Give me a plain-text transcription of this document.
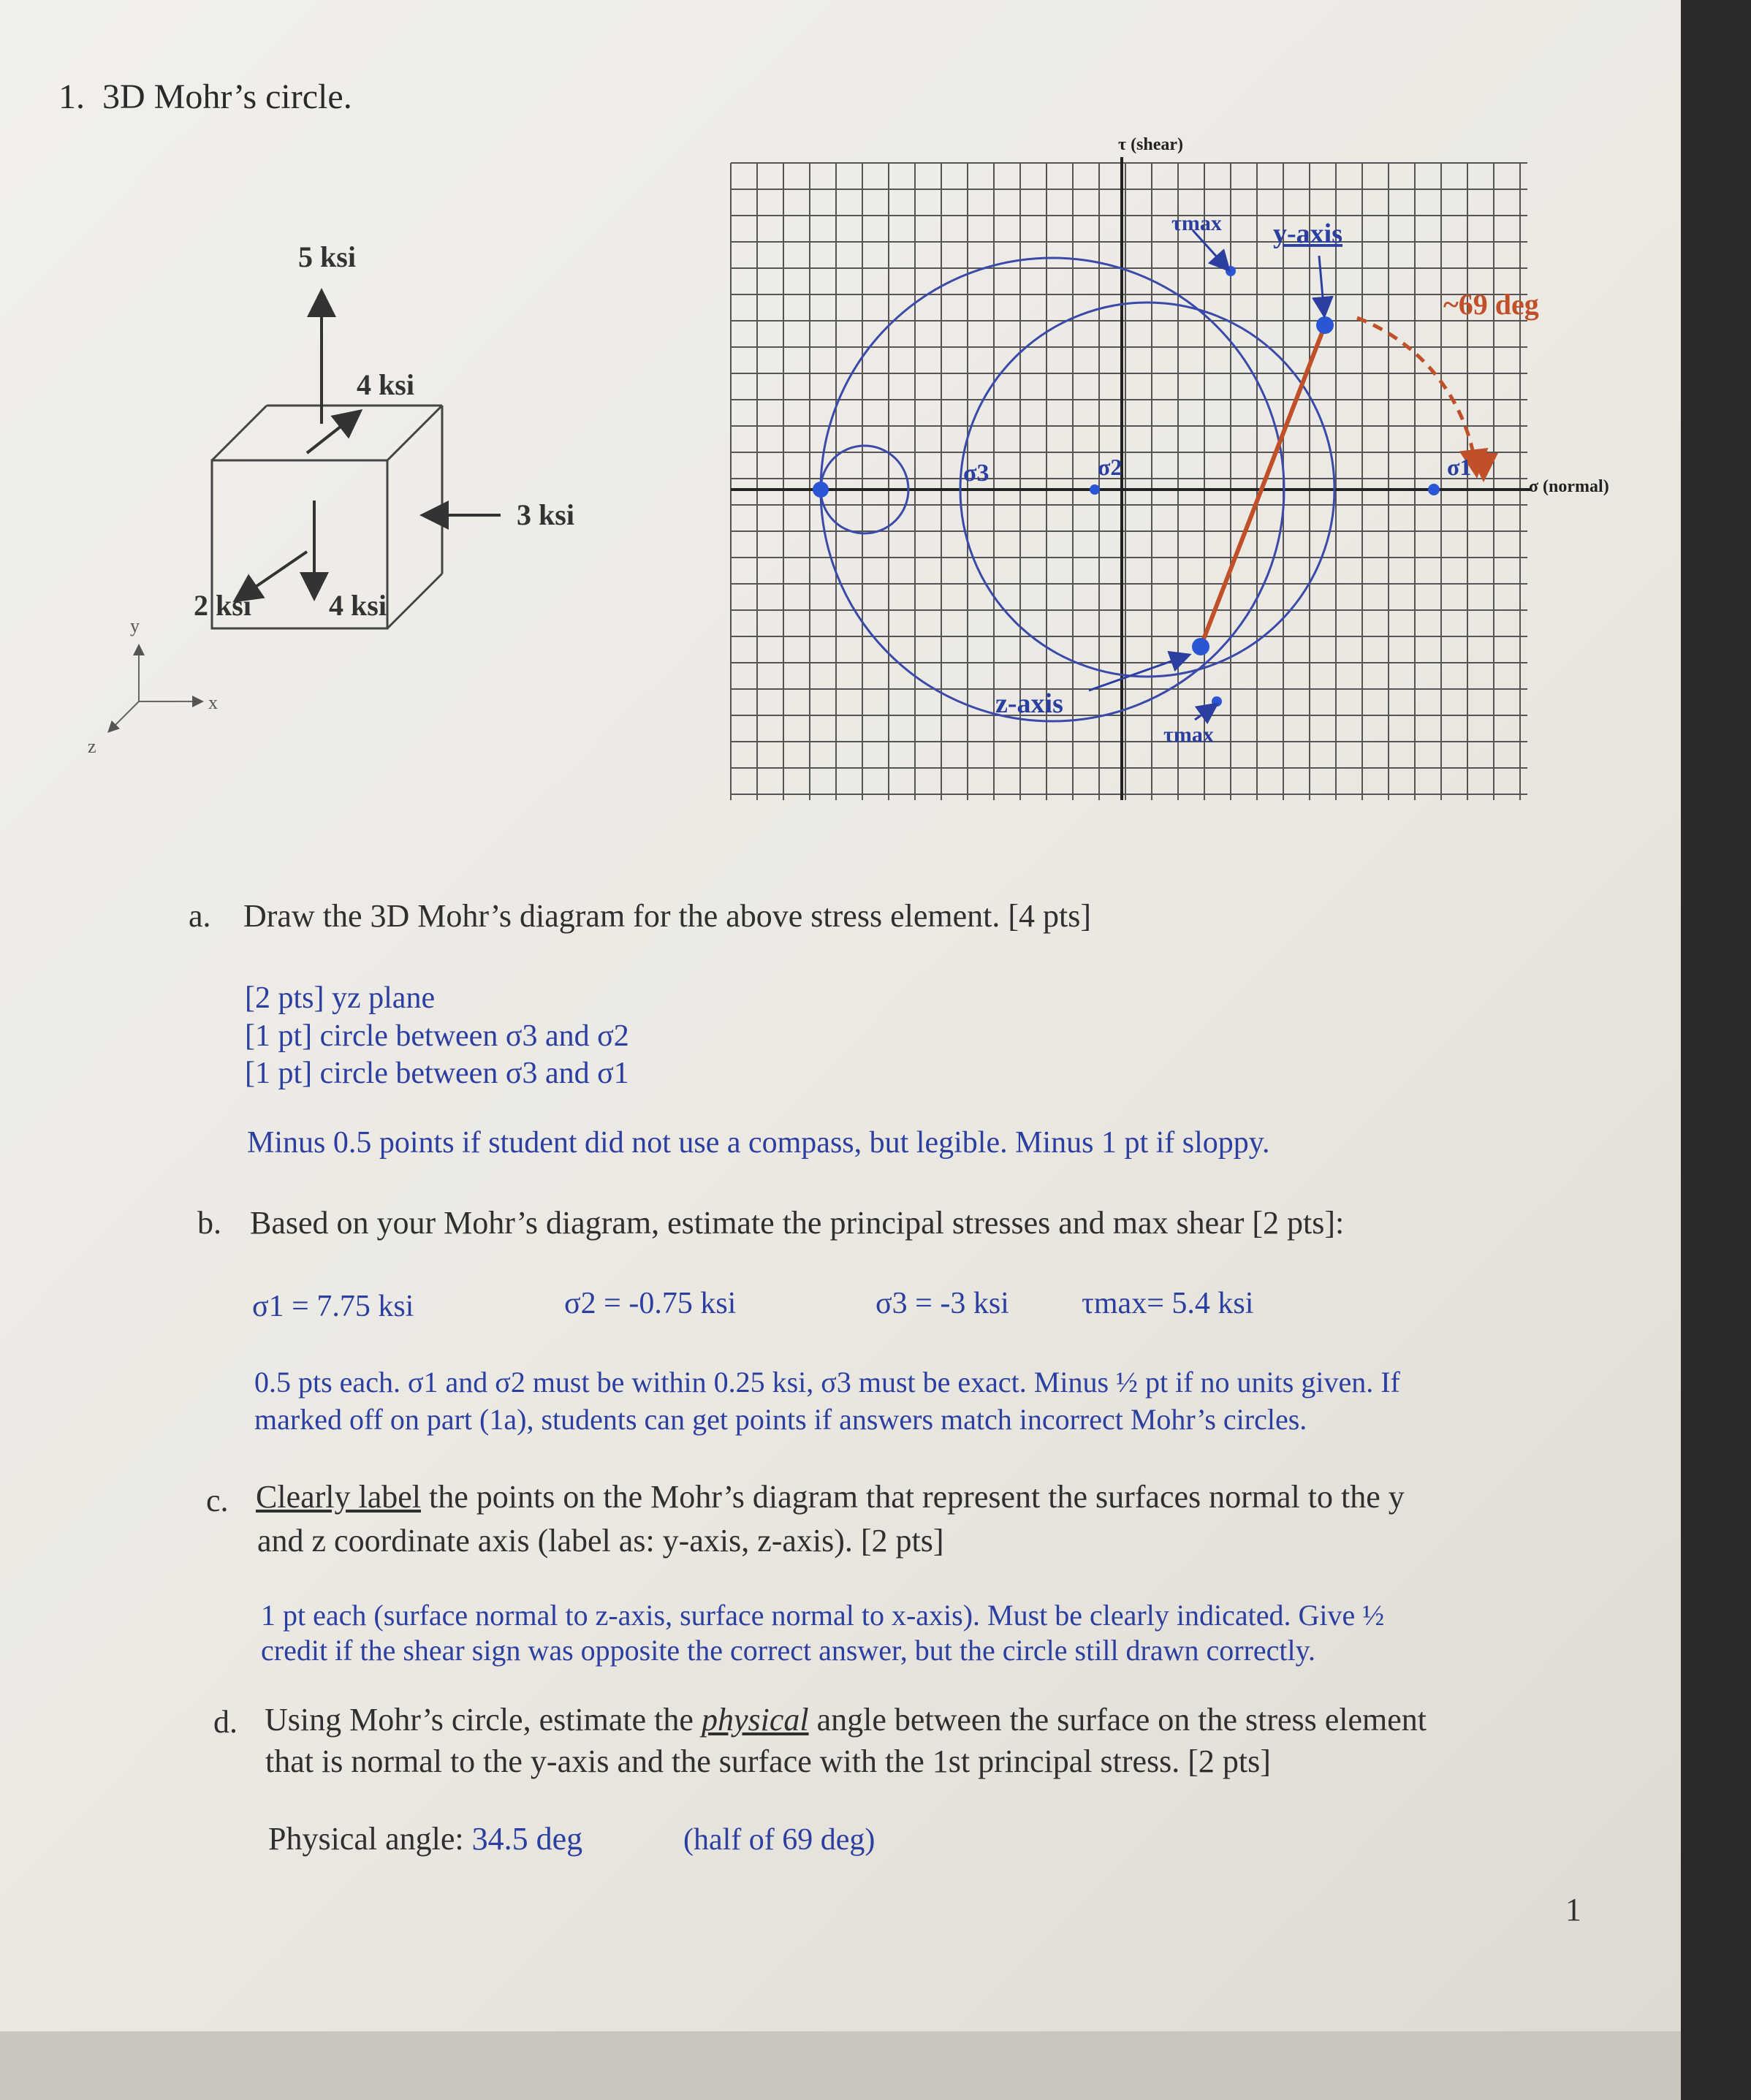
1. 3D Mohr’s circle.
5 ksi
4 ksi
3 ksi
2 ksi	4 ksi
y
x
z
τ (shear)
σ (normal)
σ3	σ2	σ1
τmax
τmax
y-axis
z-axis
~69 deg
a. Draw the 3D Mohr’s diagram for the above stress element. [4 pts]
[2 pts] yz plane
[1 pt] circle between σ3 and σ2
[1 pt] circle between σ3 and σ1
Minus 0.5 points if student did not use a compass, but legible. Minus 1 pt if sloppy.
b. Based on your Mohr’s diagram, estimate the principal stresses and max shear [2 pts]:
σ1 = 7.75 ksi	σ2 = -0.75 ksi	σ3 = -3 ksi τmax= 5.4 ksi
0.5 pts each. σ1 and σ2 must be within 0.25 ksi, σ3 must be exact. Minus ½ pt if no units given. If
marked off on part (1a), students can get points if answers match incorrect Mohr’s circles.
c. Clearly label the points on the Mohr’s diagram that represent the surfaces normal to the y
and z coordinate axis (label as: y-axis, z-axis). [2 pts]
1 pt each (surface normal to z-axis, surface normal to x-axis). Must be clearly indicated. Give ½
credit if the shear sign was opposite the correct answer, but the circle still drawn correctly.
d. Using Mohr’s circle, estimate the physical angle between the surface on the stress element
that is normal to the y-axis and the surface with the 1st principal stress. [2 pts]
Physical angle: 34.5 deg	(half of 69 deg)
1
